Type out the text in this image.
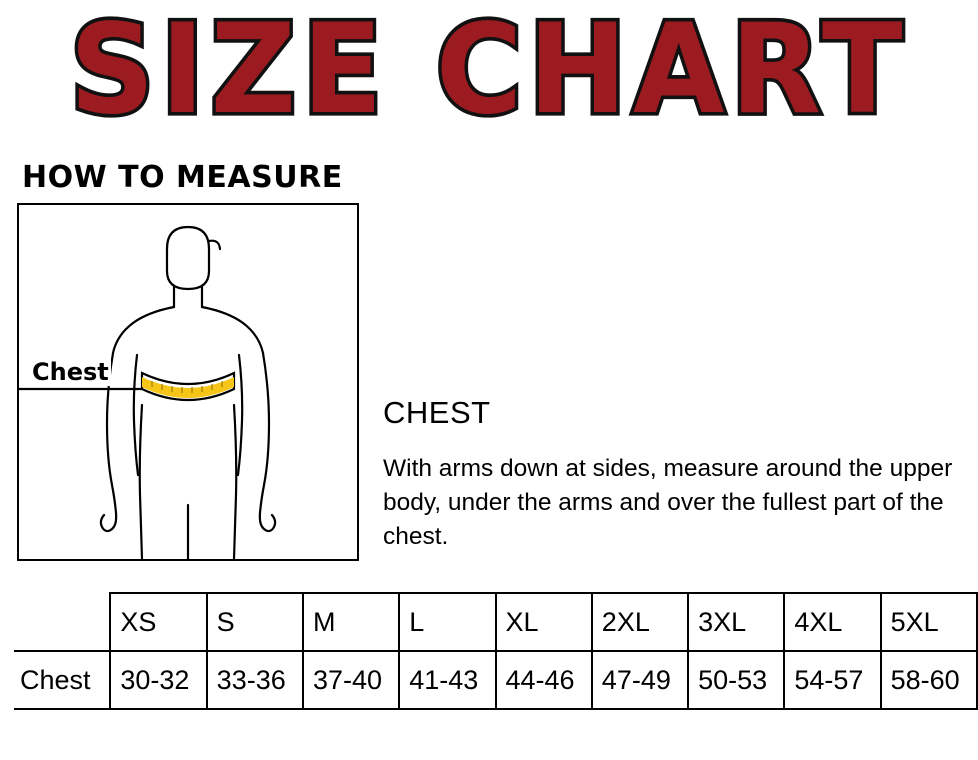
SIZE CHART
HOW TO MEASURE
Chest
CHEST
With arms down at sides, measure around the upper body, under the arms and over the fullest part of the chest.
	XS	S	M	L	XL	2XL	3XL	4XL	5XL
Chest	30-32	33-36	37-40	41-43	44-46	47-49	50-53	54-57	58-60
